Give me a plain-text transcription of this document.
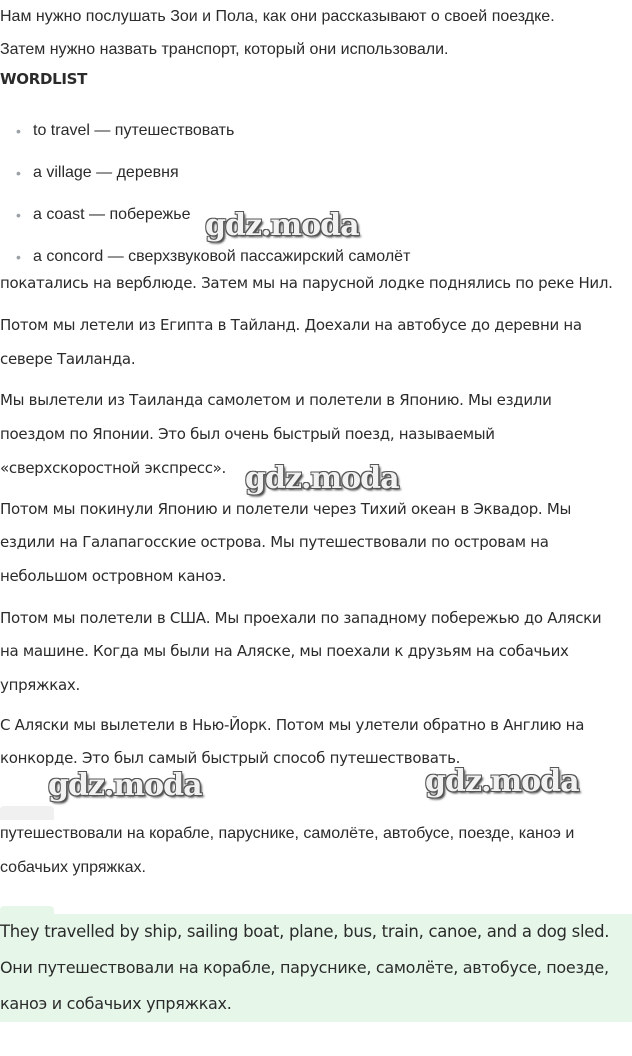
Нам нужно послушать Зои и Пола, как они рассказывают о своей поездке.

Затем нужно назвать транспорт, который они использовали.

WORDLIST
• to travel — путешествовать
• a village — деревня
• a coast — побережье
• a concord — сверхзвуковой пассажирский самолёт

покатались на верблюде. Затем мы на парусной лодке поднялись по реке Нил.

Потом мы летели из Египта в Тайланд. Доехали на автобусе до деревни на

севере Таиланда.

Мы вылетели из Таиланда самолетом и полетели в Японию. Мы ездили

поездом по Японии. Это был очень быстрый поезд, называемый

«сверхскоростной экспресс».

Потом мы покинули Японию и полетели через Тихий океан в Эквадор. Мы

ездили на Галапагосские острова. Мы путешествовали по островам на

небольшом островном каноэ.

Потом мы полетели в США. Мы проехали по западному побережью до Аляски

на машине. Когда мы были на Аляске, мы поехали к друзьям на собачьих

упряжках.

С Аляски мы вылетели в Нью-Йорк. Потом мы улетели обратно в Англию на

конкорде. Это был самый быстрый способ путешествовать.

путешествовали на корабле, паруснике, самолёте, автобусе, поезде, каноэ и

собачьих упряжках.

They travelled by ship, sailing boat, plane, bus, train, canoe, and a dog sled.
Они путешествовали на корабле, паруснике, самолёте, автобусе, поезде,
каноэ и собачьих упряжках.
gdz.moda
gdz.moda
gdz.moda	gdz.moda
